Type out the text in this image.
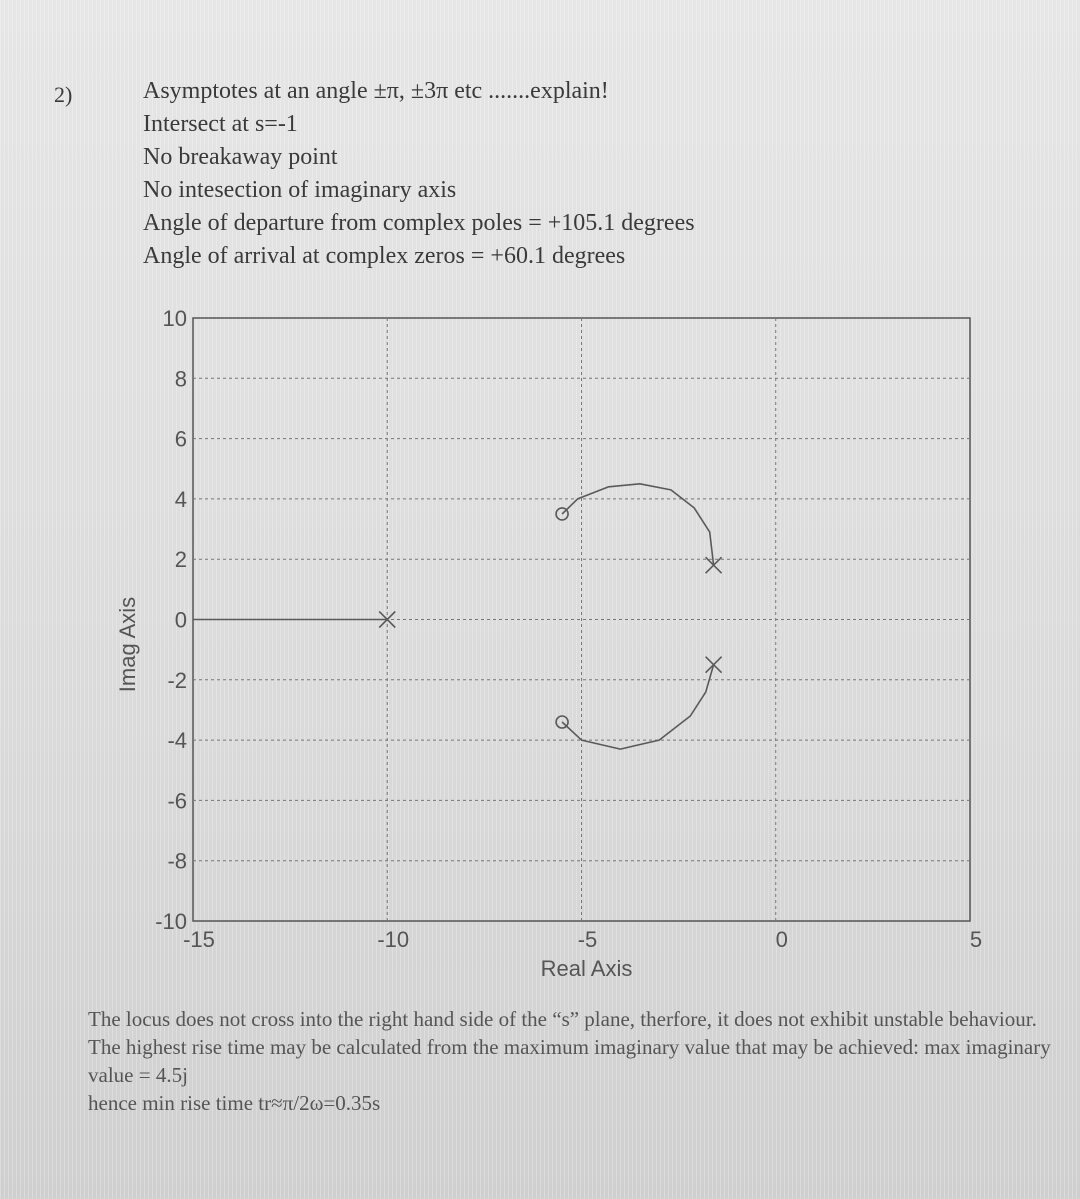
2)	Asymptotes at an angle ±π, ±3π etc .......explain!
Intersect at s=-1
No breakaway point
No intesection of imaginary axis
Angle of departure from complex poles = +105.1 degrees
Angle of arrival at complex zeros = +60.1 degrees
-15	-10	-5	0	5
10
8
6
4
2
0
-2
-4
-6
-8
-10
Real Axis
Imag Axis

The locus does not cross into the right hand side of the “s” plane, therfore, it does not exhibit unstable behaviour.

The highest rise time may be calculated from the maximum imaginary value that may be achieved: max imaginary value = 4.5j

hence min rise time tr≈π/2ω=0.35s
